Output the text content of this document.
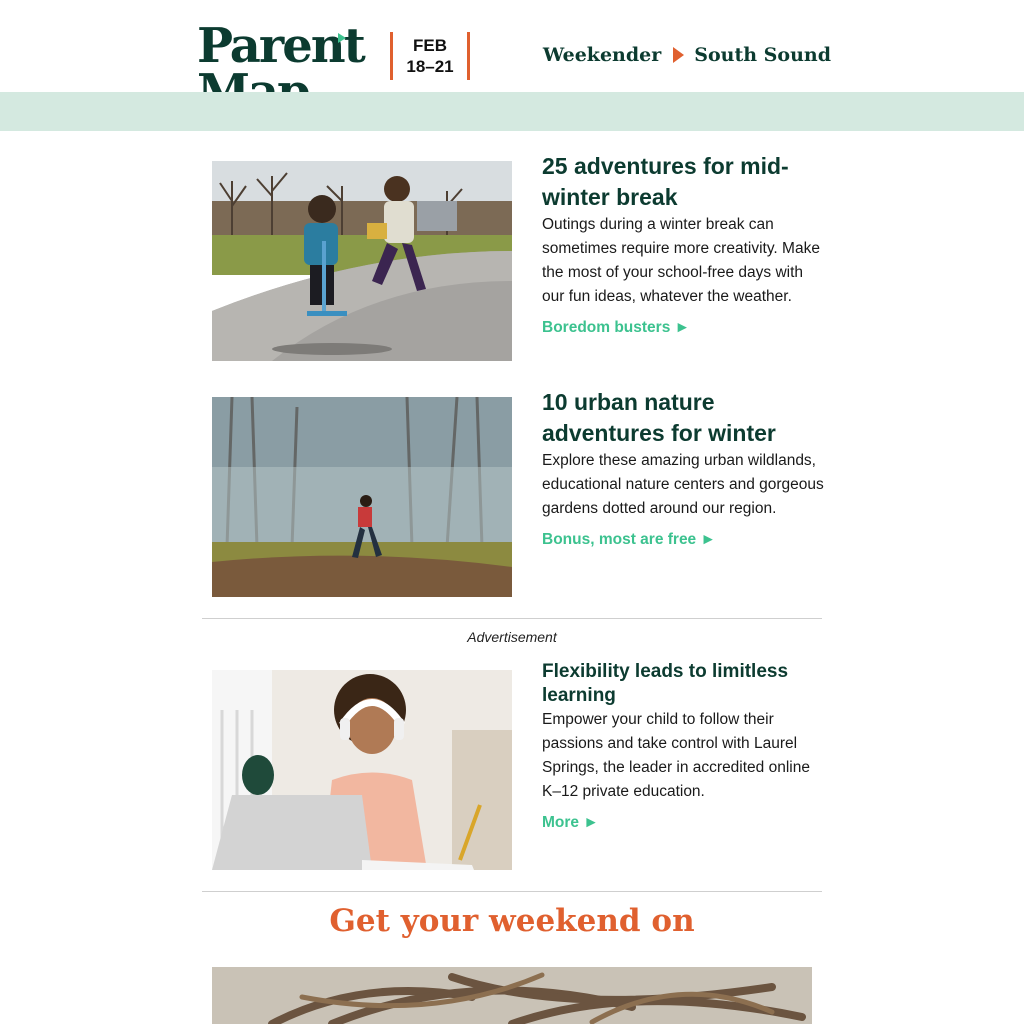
Parent	FEB
18–21
Weekender South Sound
25 adventures for mid-winter break

Outings during a winter break can sometimes require more creativity. Make the most of your school-free days with our fun ideas, whatever the weather.

Boredom busters ►
10 urban nature adventures for winter

Explore these amazing urban wildlands, educational nature centers and gorgeous gardens dotted around our region.

Bonus, most are free ►
Advertisement
Flexibility leads to limitless learning

Empower your child to follow their passions and take control with Laurel Springs, the leader in accredited online K–12 private education.

More ►
Get your weekend on
